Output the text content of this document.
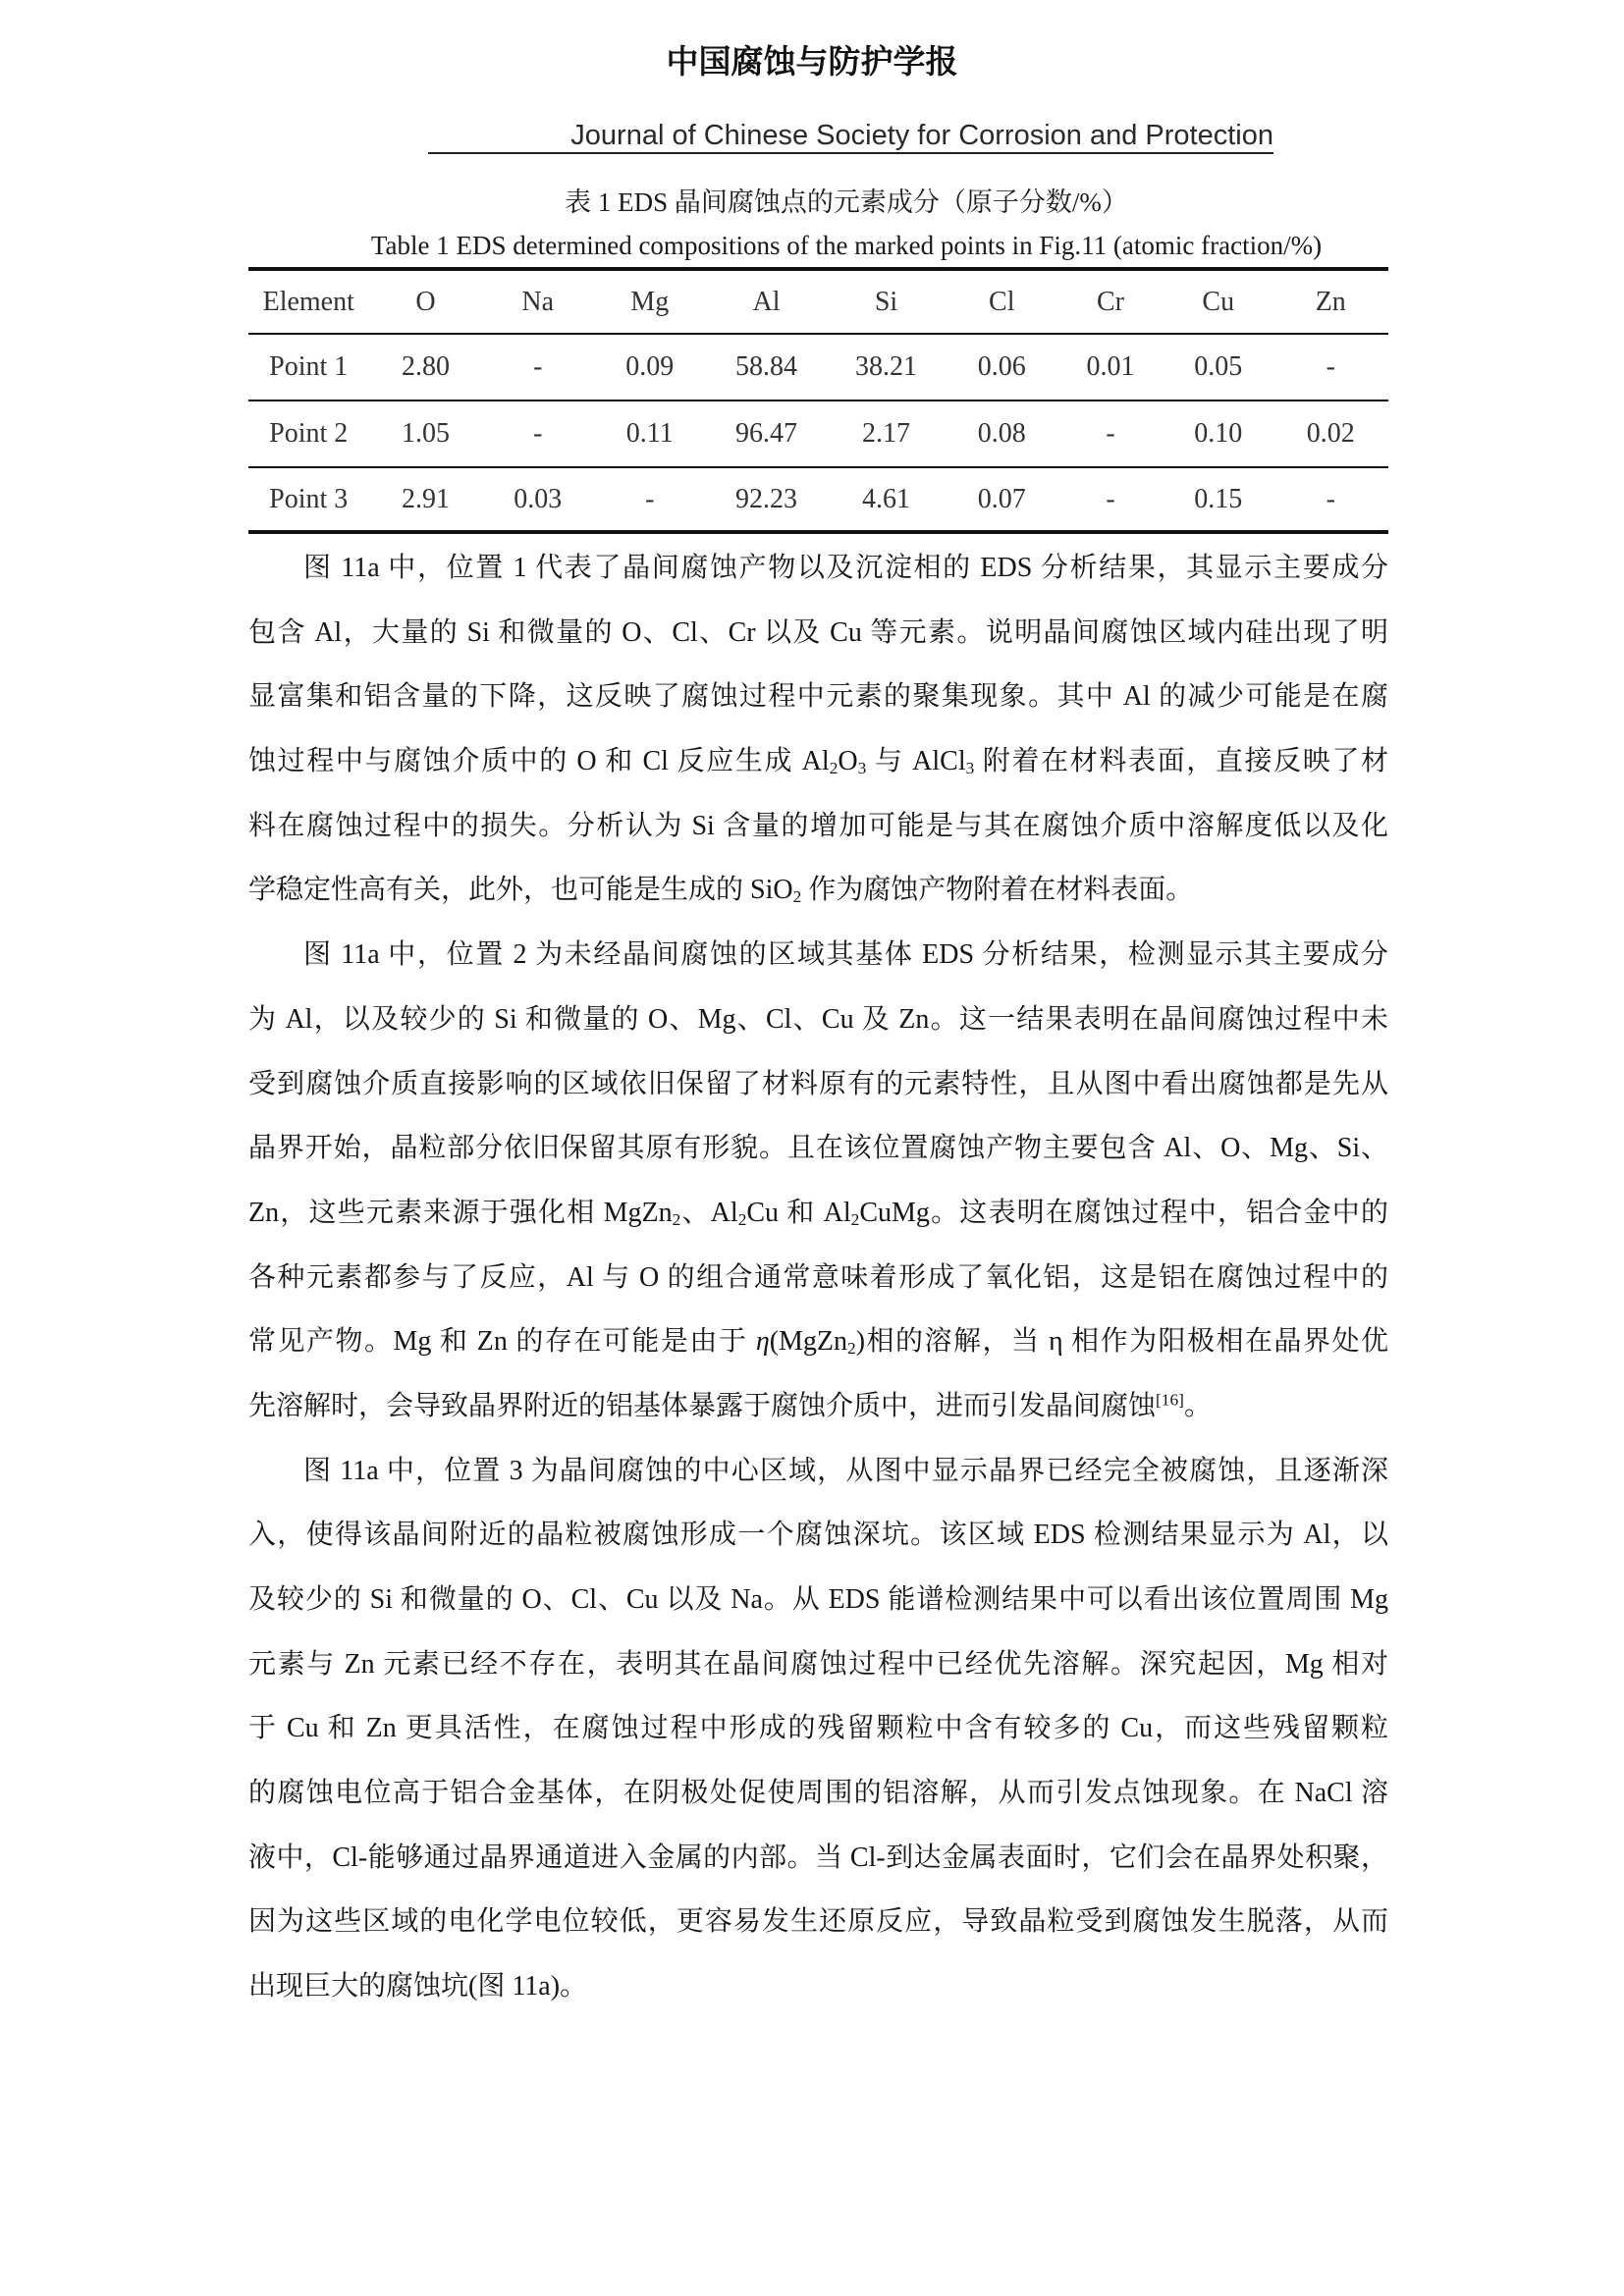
中国腐蚀与防护学报
Journal of Chinese Society for Corrosion and Protection
表 1 EDS 晶间腐蚀点的元素成分（原子分数/%）
Table 1 EDS determined compositions of the marked points in Fig.11 (atomic fraction/%)
Element	O	Na	Mg	Al	Si	Cl	Cr	Cu	Zn
Point 1	2.80	-	0.09	58.84	38.21	0.06	0.01	0.05	-
Point 2	1.05	-	0.11	96.47	2.17	0.08	-	0.10	0.02
Point 3	2.91	0.03	-	92.23	4.61	0.07	-	0.15	-
图 11a 中，位置 1 代表了晶间腐蚀产物以及沉淀相的 EDS 分析结果，其显示主要成分
包含 Al，大量的 Si 和微量的 O、Cl、Cr 以及 Cu 等元素。说明晶间腐蚀区域内硅出现了明
显富集和铝含量的下降，这反映了腐蚀过程中元素的聚集现象。其中 Al 的减少可能是在腐
蚀过程中与腐蚀介质中的 O 和 Cl 反应生成 $Al_2O_3$ 与 AlCl$_3$ 附着在材料表面，直接反映了材
料在腐蚀过程中的损失。分析认为 Si 含量的增加可能是与其在腐蚀介质中溶解度低以及化
学稳定性高有关，此外，也可能是生成的 SiO$_2$ 作为腐蚀产物附着在材料表面。
图 11a 中，位置 2 为未经晶间腐蚀的区域其基体 EDS 分析结果，检测显示其主要成分
为 Al，以及较少的 Si 和微量的 O、Mg、Cl、Cu 及 Zn。这一结果表明在晶间腐蚀过程中未
受到腐蚀介质直接影响的区域依旧保留了材料原有的元素特性，且从图中看出腐蚀都是先从
晶界开始，晶粒部分依旧保留其原有形貌。且在该位置腐蚀产物主要包含 Al、O、Mg、Si、
Zn，这些元素来源于强化相 MgZn$_2$、$Al_2Cu$ 和 $Al_2CuMg$。这表明在腐蚀过程中，铝合金中的
各种元素都参与了反应，Al 与 O 的组合通常意味着形成了氧化铝，这是铝在腐蚀过程中的
常见产物。Mg 和 Zn 的存在可能是由于 η(MgZn$_2$)相的溶解，当 η 相作为阳极相在晶界处优
先溶解时，会导致晶界附近的铝基体暴露于腐蚀介质中，进而引发晶间腐蚀[16]。
图 11a 中，位置 3 为晶间腐蚀的中心区域，从图中显示晶界已经完全被腐蚀，且逐渐深
入，使得该晶间附近的晶粒被腐蚀形成一个腐蚀深坑。该区域 EDS 检测结果显示为 Al，以
及较少的 Si 和微量的 O、Cl、Cu 以及 Na。从 EDS 能谱检测结果中可以看出该位置周围 Mg
元素与 Zn 元素已经不存在，表明其在晶间腐蚀过程中已经优先溶解。深究起因，Mg 相对
于 Cu 和 Zn 更具活性，在腐蚀过程中形成的残留颗粒中含有较多的 Cu，而这些残留颗粒
的腐蚀电位高于铝合金基体，在阴极处促使周围的铝溶解，从而引发点蚀现象。在 NaCl 溶
液中，Cl-能够通过晶界通道进入金属的内部。当 Cl-到达金属表面时，它们会在晶界处积聚，
因为这些区域的电化学电位较低，更容易发生还原反应，导致晶粒受到腐蚀发生脱落，从而
出现巨大的腐蚀坑(图 11a)。
